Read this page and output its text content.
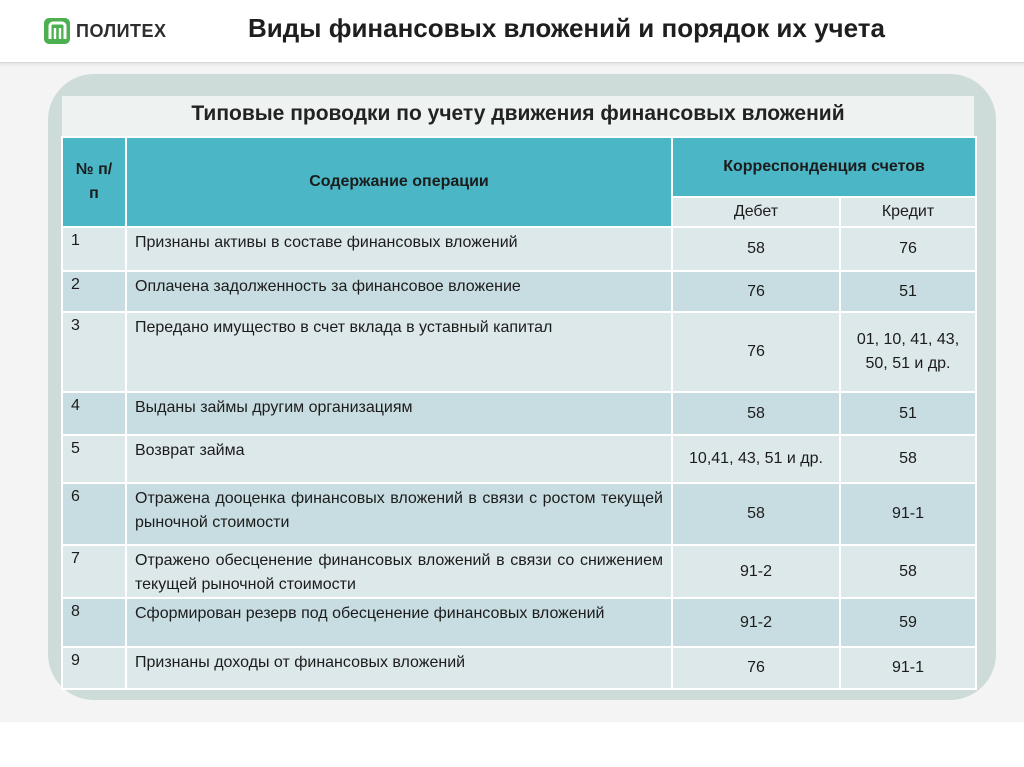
ПОЛИТЕХ	Виды финансовых вложений и порядок их учета
Типовые проводки по учету движения финансовых вложений
№ п/п	Содержание операции	Корреспонденция счетов	
		Дебет	Кредит
1	Признаны активы в составе финансовых вложений	58	76
2	Оплачена задолженность за финансовое вложение	76	51
3	Передано имущество в счет вклада в уставный капитал	76	01, 10, 41, 43, 50, 51 и др.

4	Выданы займы другим организациям	58	51
5	Возврат займа	10,41, 43, 51 и др.	58
6	Отражена дооценка финансовых вложений в связи с ростом текущей рыночной стоимости	58	91-1
7	Отражено обесценение финансовых вложений в связи со снижением текущей рыночной стоимости	91-2	58
8	Сформирован резерв под обесценение финансовых вложений	91-2	59
9	Признаны доходы от финансовых вложений	76	91-1
